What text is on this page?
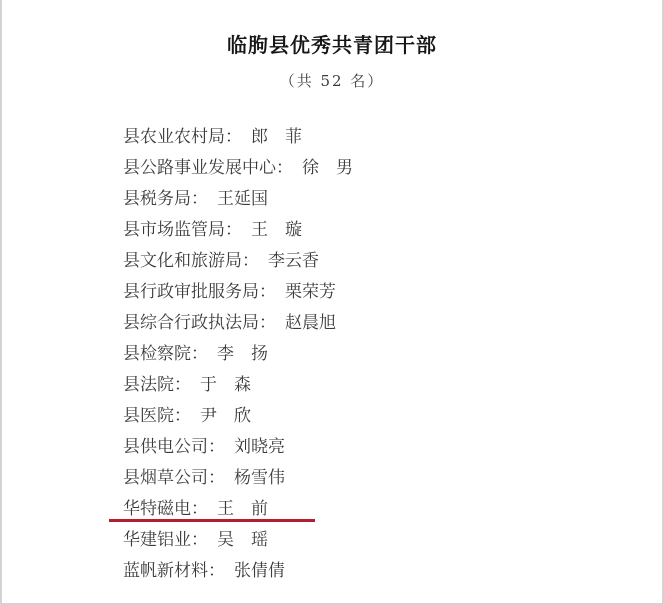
临朐县优秀共青团干部
（共 52 名）
县农业农村局： 郎　菲
县公路事业发展中心： 徐　男
县税务局： 王延国
县市场监管局： 王　璇
县文化和旅游局： 李云香
县行政审批服务局： 栗荣芳
县综合行政执法局： 赵晨旭
县检察院： 李　扬
县法院： 于　森
县医院： 尹　欣
县供电公司： 刘晓亮
县烟草公司： 杨雪伟
华特磁电： 王　前
华建铝业： 吴　瑶
蓝帆新材料： 张倩倩
